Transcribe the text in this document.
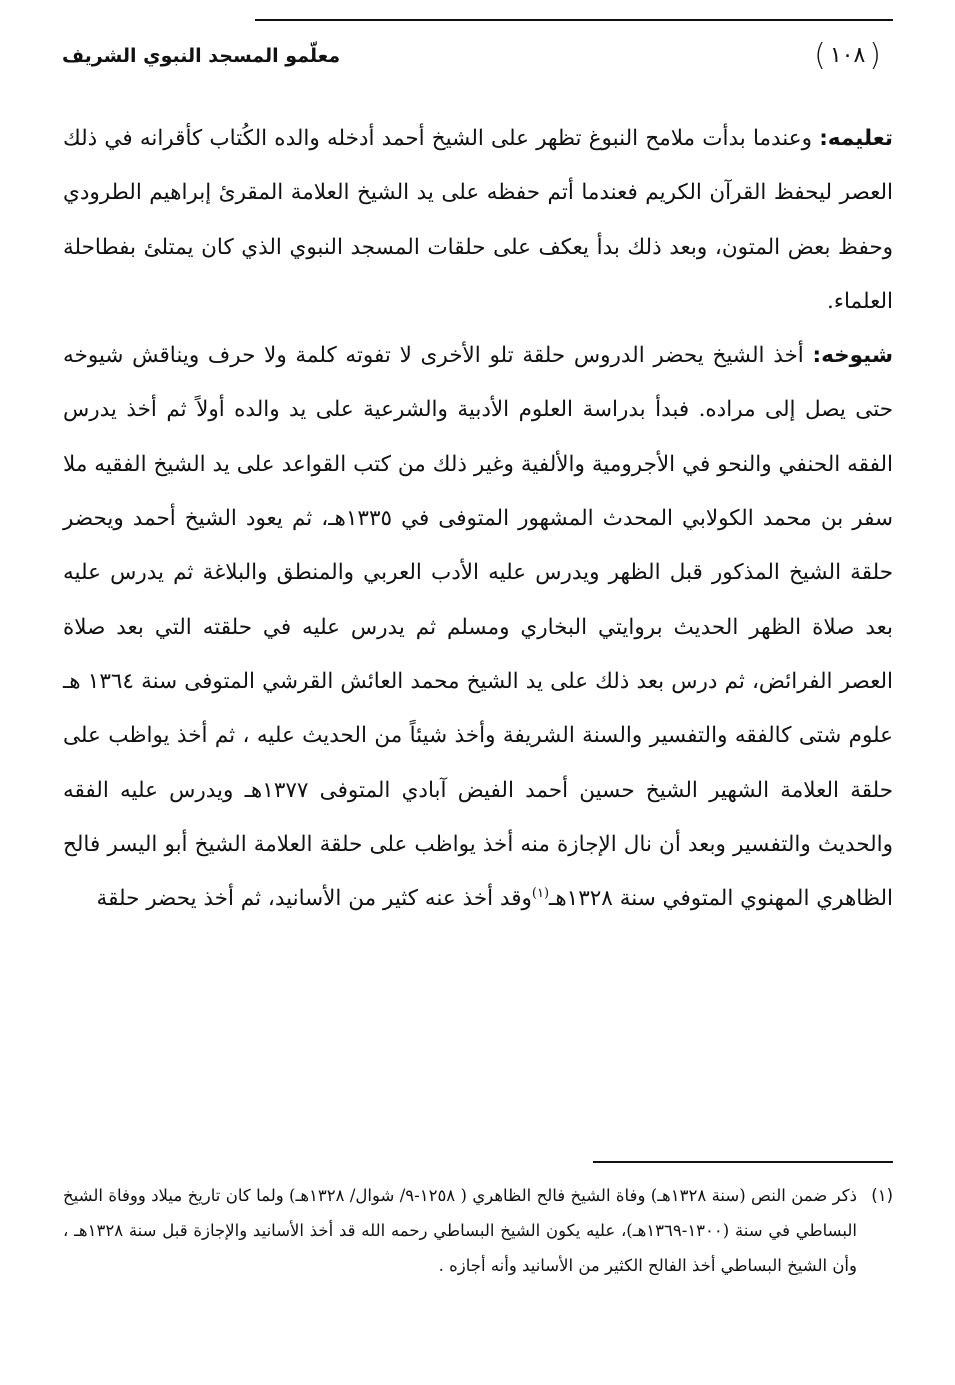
(
١٠٨
)
معلّمو المسجد النبوي الشريف

تعليمه: وعندما بدأت ملامح النبوغ تظهر على الشيخ أحمد أدخله والده الكُتاب كأقرانه في ذلك العصر ليحفظ القرآن الكريم فعندما أتم حفظه على يد الشيخ العلامة المقرئ إبراهيم الطرودي وحفظ بعض المتون، وبعد ذلك بدأ يعكف على حلقات المسجد النبوي الذي كان يمتلئ بفطاحلة العلماء.

شيوخه: أخذ الشيخ يحضر الدروس حلقة تلو الأخرى لا تفوته كلمة ولا حرف ويناقش شيوخه حتى يصل إلى مراده. فبدأ بدراسة العلوم الأدبية والشرعية على يد والده أولاً ثم أخذ يدرس الفقه الحنفي والنحو في الأجرومية والألفية وغير ذلك من كتب القواعد على يد الشيخ الفقيه ملا سفر بن محمد الكولابي المحدث المشهور المتوفى في ١٣٣٥هـ، ثم يعود الشيخ أحمد ويحضر حلقة الشيخ المذكور قبل الظهر ويدرس عليه الأدب العربي والمنطق والبلاغة ثم يدرس عليه بعد صلاة الظهر الحديث بروايتي البخاري ومسلم ثم يدرس عليه في حلقته التي بعد صلاة العصر الفرائض، ثم درس بعد ذلك على يد الشيخ محمد العائش القرشي المتوفى سنة ١٣٦٤ هـ علوم شتى كالفقه والتفسير والسنة الشريفة وأخذ شيئاً من الحديث عليه ، ثم أخذ يواظب على حلقة العلامة الشهير الشيخ حسين أحمد الفيض آبادي المتوفى ١٣٧٧هـ ويدرس عليه الفقه والحديث والتفسير وبعد أن نال الإجازة منه أخذ يواظب على حلقة العلامة الشيخ أبو اليسر فالح الظاهري المهنوي المتوفي سنة ١٣٢٨هـ$^{(١)}$وقد أخذ عنه كثير من الأسانيد، ثم أخذ يحضر حلقة

(١)
ذكر ضمن النص (سنة ١٣٢٨هـ) وفاة الشيخ فالح الظاهري ( ١٢٥٨-٩/ شوال/ ١٣٢٨هـ) ولما كان تاريخ ميلاد ووفاة الشيخ البساطي في سنة (١٣٠٠-١٣٦٩هـ)، عليه يكون الشيخ البساطي رحمه الله قد أخذ الأسانيد والإجازة قبل سنة ١٣٢٨هـ ، وأن الشيخ البساطي أخذ الفالح الكثير من الأسانيد وأنه أجازه .
